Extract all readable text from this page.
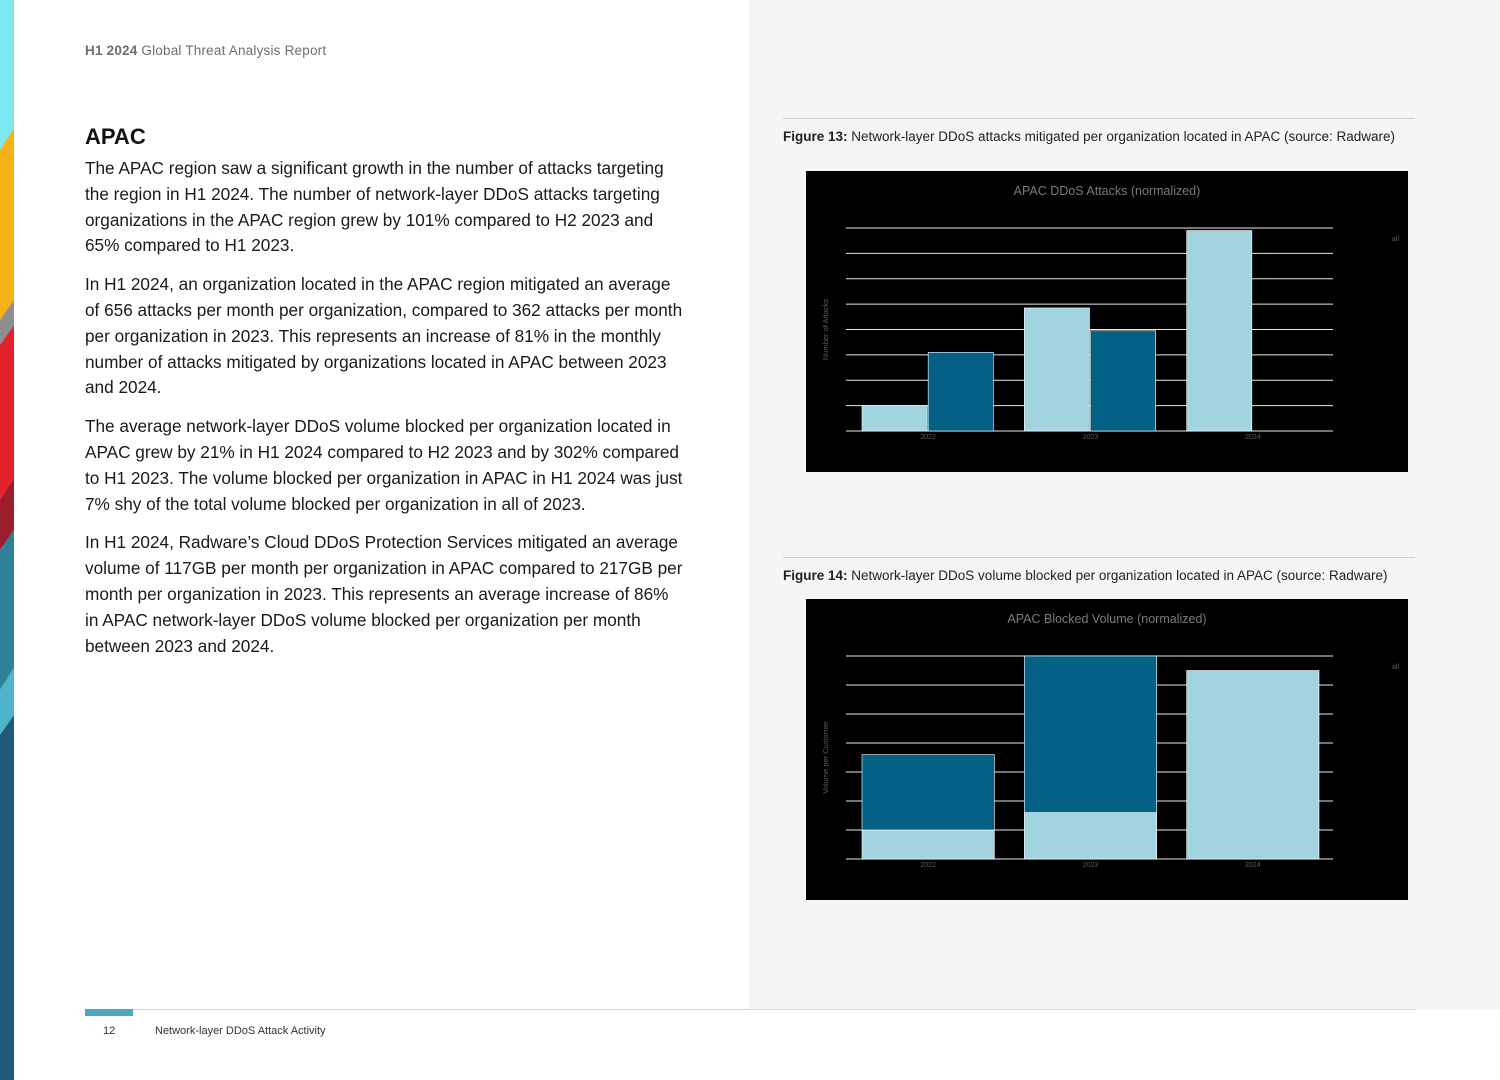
H1 2024 Global Threat Analysis Report
APAC

The APAC region saw a significant growth in the number of attacks targeting the region in H1 2024. The number of network-layer DDoS attacks targeting organizations in the APAC region grew by 101% compared to H2 2023 and 65% compared to H1 2023.

In H1 2024, an organization located in the APAC region mitigated an average of 656 attacks per month per organization, compared to 362 attacks per month per organization in 2023. This represents an increase of 81% in the monthly number of attacks mitigated by organizations located in APAC between 2023 and 2024.

The average network-layer DDoS volume blocked per organization located in APAC grew by 21% in H1 2024 compared to H2 2023 and by 302% compared to H1 2023. The volume blocked per organization in APAC in H1 2024 was just 7% shy of the total volume blocked per organization in all of 2023.

In H1 2024, Radware’s Cloud DDoS Protection Services mitigated an average volume of 117GB per month per organization in APAC compared to 217GB per month per organization in 2023. This represents an average increase of 86% in APAC network-layer DDoS volume blocked per organization per month between 2023 and 2024.

Figure 13: Network-layer DDoS attacks mitigated per organization located in APAC (source: Radware)
APAC DDoS Attacks (normalized)
Number of Attacks
all
2022	2023	2024
Figure 14: Network-layer DDoS volume blocked per organization located in APAC (source: Radware)
APAC Blocked Volume (normalized)
Volume per Customer
all
2022	2023	2024
12	Network-layer DDoS Attack Activity
